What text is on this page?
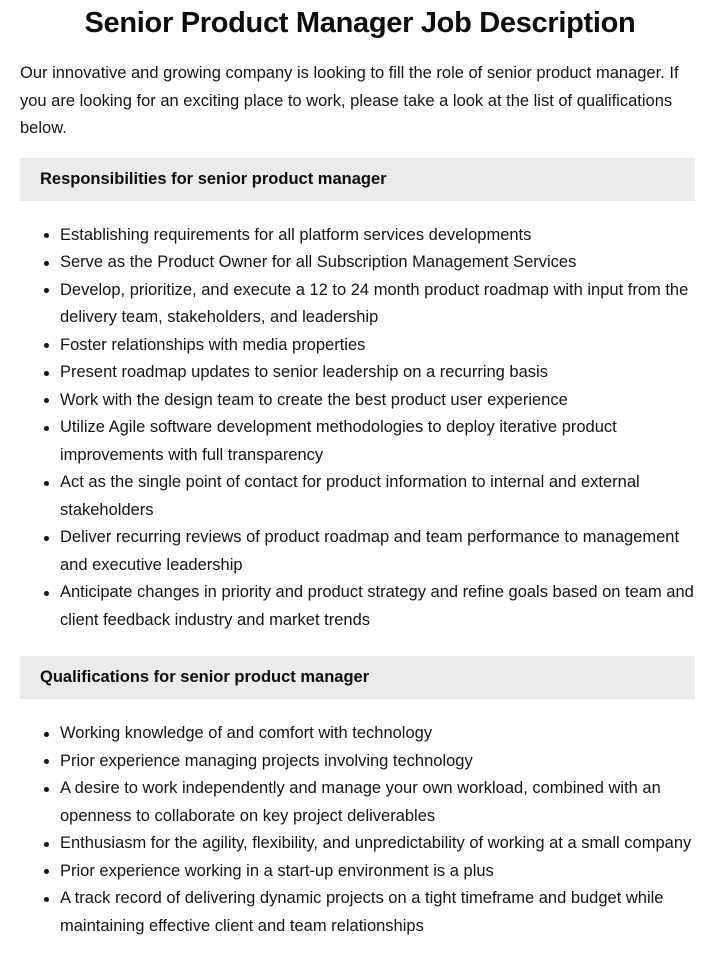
Senior Product Manager Job Description

Our innovative and growing company is looking to fill the role of senior product manager. If you are looking for an exciting place to work, please take a look at the list of qualifications below.

Responsibilities for senior product manager
Establishing requirements for all platform services developments
Serve as the Product Owner for all Subscription Management Services
Develop, prioritize, and execute a 12 to 24 month product roadmap with input from the delivery team, stakeholders, and leadership
Foster relationships with media properties
Present roadmap updates to senior leadership on a recurring basis
Work with the design team to create the best product user experience
Utilize Agile software development methodologies to deploy iterative product improvements with full transparency
Act as the single point of contact for product information to internal and external stakeholders
Deliver recurring reviews of product roadmap and team performance to management and executive leadership
Anticipate changes in priority and product strategy and refine goals based on team and client feedback industry and market trends
Qualifications for senior product manager
Working knowledge of and comfort with technology
Prior experience managing projects involving technology
A desire to work independently and manage your own workload, combined with an openness to collaborate on key project deliverables
Enthusiasm for the agility, flexibility, and unpredictability of working at a small company
Prior experience working in a start-up environment is a plus
A track record of delivering dynamic projects on a tight timeframe and budget while maintaining effective client and team relationships
